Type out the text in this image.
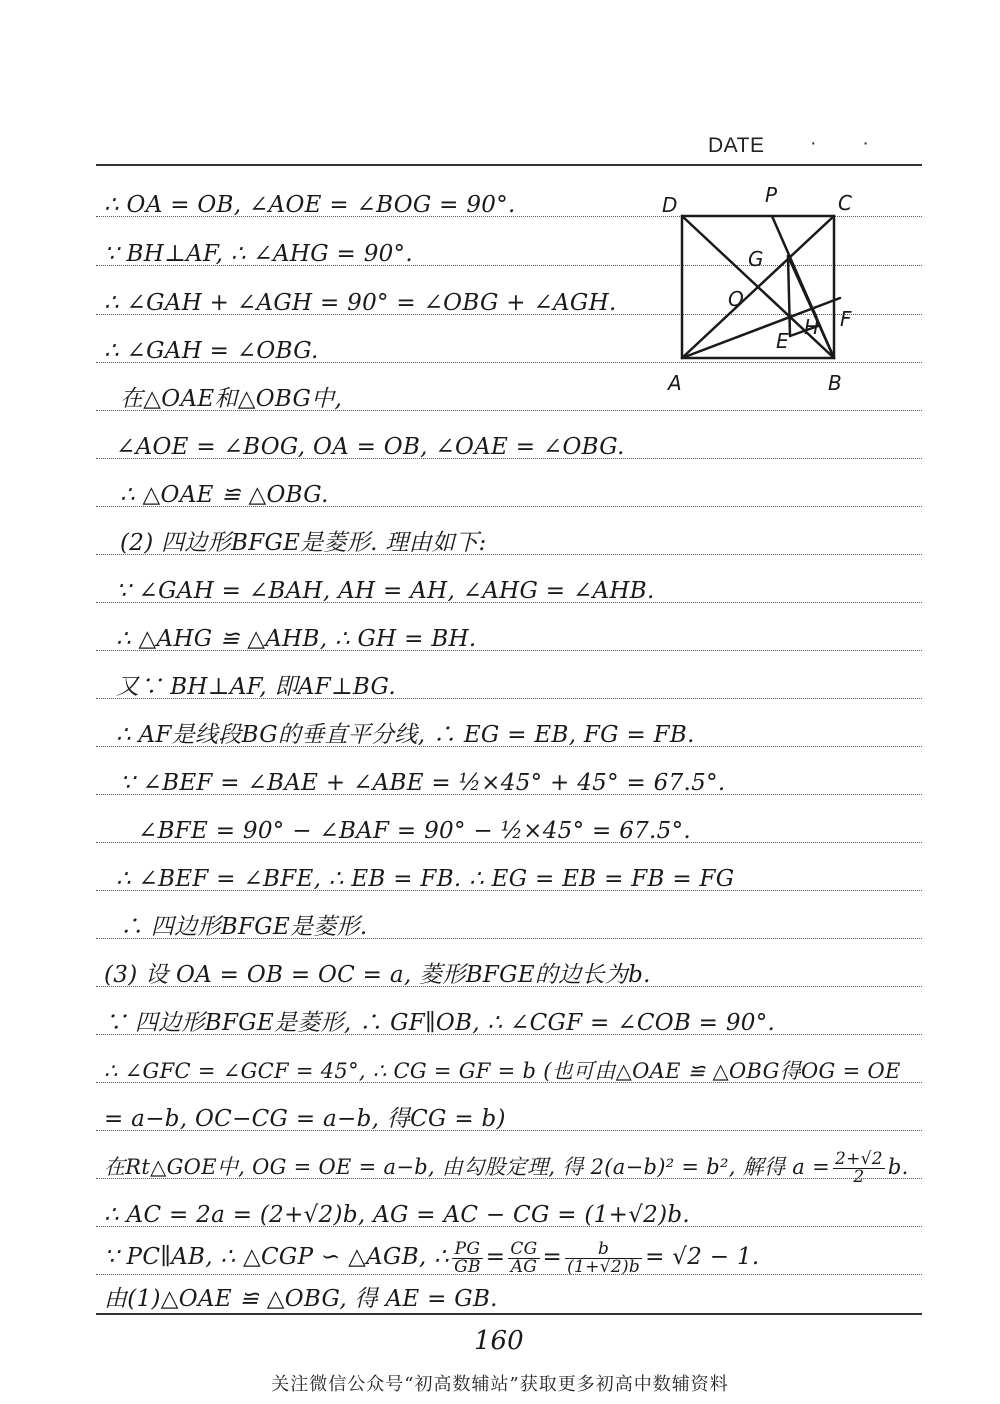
DATE · ·
D	P	C
G
O
F
E
H
A	B
∴ OA = OB, ∠AOE = ∠BOG = 90°.
∵ BH⊥AF, ∴ ∠AHG = 90°.
∴ ∠GAH + ∠AGH = 90° = ∠OBG + ∠AGH.
∴ ∠GAH = ∠OBG.
在△OAE和△OBG中,
∠AOE = ∠BOG, OA = OB, ∠OAE = ∠OBG.
∴ △OAE ≌ △OBG.
(2) 四边形BFGE是菱形. 理由如下:
∵ ∠GAH = ∠BAH, AH = AH, ∠AHG = ∠AHB.
∴ △AHG ≌ △AHB, ∴ GH = BH.
又∵ BH⊥AF, 即AF⊥BG.
∴ AF是线段BG的垂直平分线, ∴ EG = EB, FG = FB.
∵ ∠BEF = ∠BAE + ∠ABE = ½×45° + 45° = 67.5°.
∠BFE = 90° − ∠BAF = 90° − ½×45° = 67.5°.
∴ ∠BEF = ∠BFE, ∴ EB = FB. ∴ EG = EB = FB = FG
∴ 四边形BFGE是菱形.
(3) 设 OA = OB = OC = a, 菱形BFGE的边长为b.
∵ 四边形BFGE是菱形, ∴ GF∥OB, ∴ ∠CGF = ∠COB = 90°.
∴ ∠GFC = ∠GCF = 45°, ∴ CG = GF = b (也可由△OAE ≌ △OBG得OG = OE
= a−b, OC−CG = a−b, 得CG = b)
在Rt△GOE中, OG = OE = a−b, 由勾股定理, 得 2(a−b)² = b², 解得 $a = \frac{2+√2}{2} b$.
∴ AC = 2a = (2+√2)b, AG = AC − CG = (1+√2)b.
∵ PC∥AB, ∴ △CGP ∽ △AGB, ∴ $\frac{PG}{GB} = \frac{CG}{AG} = \frac{b}{(1+√2)b} = √2 - 1$.
由(1)△OAE ≌ △OBG, 得 AE = GB.
160
关注微信公众号“初高数辅站”获取更多初高中数辅资料
